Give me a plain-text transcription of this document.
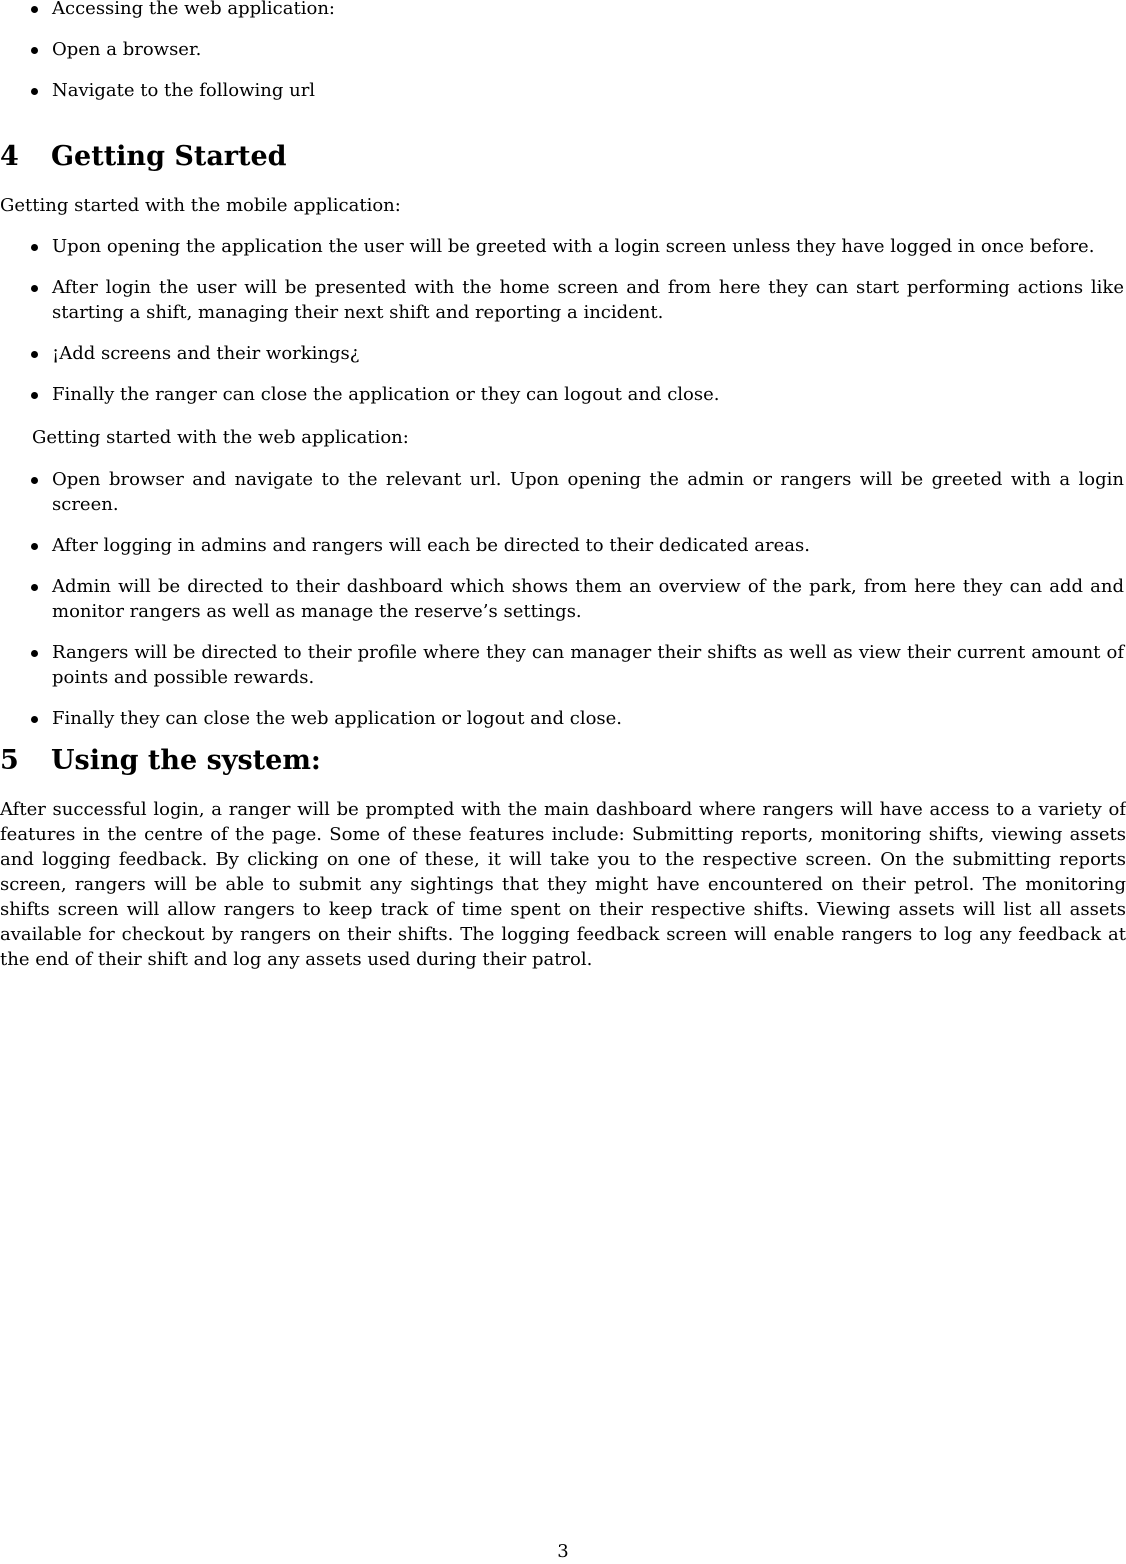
Accessing the web application:
Open a browser.
Navigate to the following url
4 Getting Started

Getting started with the mobile application:

Upon opening the application the user will be greeted with a login screen unless they have logged in once before.
After login the user will be presented with the home screen and from here they can start performing actions like starting a shift, managing their next shift and reporting a incident.
¡Add screens and their workings¿
Finally the ranger can close the application or they can logout and close.

Getting started with the web application:

Open browser and navigate to the relevant url. Upon opening the admin or rangers will be greeted with a login screen.
After logging in admins and rangers will each be directed to their dedicated areas.
Admin will be directed to their dashboard which shows them an overview of the park, from here they can add and monitor rangers as well as manage the reserve’s settings.
Rangers will be directed to their profile where they can manager their shifts as well as view their current amount of points and possible rewards.
Finally they can close the web application or logout and close.
5 Using the system:

After successful login, a ranger will be prompted with the main dashboard where rangers will have access to a variety of features in the centre of the page. Some of these features include: Submitting reports, monitoring shifts, viewing assets and logging feedback. By clicking on one of these, it will take you to the respective screen. On the submitting reports screen, rangers will be able to submit any sightings that they might have encountered on their petrol. The monitoring shifts screen will allow rangers to keep track of time spent on their respective shifts. Viewing assets will list all assets available for checkout by rangers on their shifts. The logging feedback screen will enable rangers to log any feedback at the end of their shift and log any assets used during their patrol.

3
